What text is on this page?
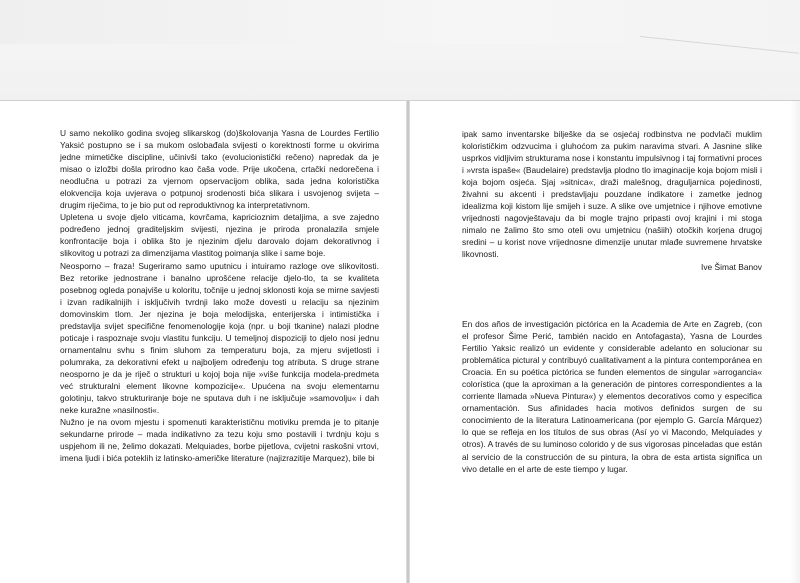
U samo nekoliko godina svojeg slikarskog (do)školovanja Yasna de Lourdes Fertilio Yaksić postupno se i sa mukom oslobađala svijesti o korektnosti forme u okvirima jedne mimetičke discipline, učinivši tako (evolucionistički rečeno) napredak da je misao o izložbi došla prirodno kao čaša vode. Prije ukočena, crtački nedorečena i neodlučna u potrazi za vjernom opservacijom oblika, sada jedna koloristička elokvencija koja uvjerava o potpunoj srodenosti bića slikara i usvojenog svijeta – drugim riječima, to je bio put od reproduktivnog ka interpretativnom.

Upletena u svoje djelo viticama, kovrčama, kapricioznim detaljima, a sve zajedno podređeno jednoj graditeljskim svijesti, njezina je priroda pronalazila smjele konfrontacije boja i oblika što je njezinim djelu darovalo dojam dekorativnog i slikovitog u potrazi za dimenzijama vlastitog poimanja slike i same boje.

Neosporno – fraza! Sugeriramo samo uputnicu i intuiramo razloge ove slikovitosti. Bez retorike jednostrane i banalno uprošćene relacije djelo-tlo, ta se kvaliteta posebnog ogleda ponajviše u koloritu, točnije u jednoj sklonosti koja se mirne savjesti i izvan radikalnijih i isključivih tvrdnji lako može dovesti u relaciju sa njezinim domovinskim tlom. Jer njezina je boja melodijska, enterijerska i intimistička i predstavlja svijet specifične fenomenologije koja (npr. u boji tkanine) nalazi plodne poticaje i raspoznaje svoju vlastitu funkciju. U temeljnoj dispoziciji to djelo nosi jednu ornamentalnu svhu s finim sluhom za temperaturu boja, za mjeru svijetlosti i polumraka, za dekorativni efekt u najboljem određenju tog atributa. S druge strane neosporno je da je riječ o strukturi u kojoj boja nije »više funkcija modela-predmeta već strukturalni element likovne kompozicije«. Upućena na svoju elementarnu golotinju, takvo strukturiranje boje ne sputava duh i ne isključuje »samovolju« i dah neke kuražne »nasilnosti«.

Nužno je na ovom mjestu i spomenuti karakterističnu motiviku premda je to pitanje sekundarne prirode – mada indikativno za tezu koju smo postavili i tvrdnju koju s uspjehom ili ne, želimo dokazati. Melquiades, borbe pijetlova, cvijetni raskošni vrtovi, imena ljudi i bića poteklih iz latinsko-američke literature (najizrazitije Marquez), bile bi

ipak samo inventarske bilješke da se osjećaj rodbinstva ne podvlači muklim kolorističkim odzvucima i gluhoćom za pukim naravima stvari. A Jasnine slike usprkos vidljivim strukturama nose i konstantu impulsivnog i taj formativni proces i »vrsta ispaše« (Baudelaire) predstavlja plodno tlo imaginacije koja bojom misli i koja bojom osjeća. Sjaj »sitnica«, draži malešnog, draguljarnica pojedinosti, živahni su akcenti i predstavljaju pouzdane indikatore i zametke jednog idealizma koji kistom lije smijeh i suze. A slike ove umjetnice i njihove emotivne vrijednosti nagovještavaju da bi mogle trajno pripasti ovoj krajini i mi stoga nimalo ne žalimo što smo oteli ovu umjetnicu (našiih) otočkih korjena drugoj sredini – u korist nove vrijednosne dimenzije unutar mlađe suvremene hrvatske likovnosti.

Ive Šimat Banov

En dos años de investigación pictórica en la Academia de Arte en Zagreb, (con el profesor Šime Perić, también nacido en Antofagasta), Yasna de Lourdes Fertilio Yaksic realizó un evidente y considerable adelanto en solucionar su problemática pictural y contribuyó cualitativament a la pintura contemporánea en Croacia. En su poética pictórica se funden elementos de singular »arrogancia« colorística (que la aproximan a la generación de pintores correspondientes a la corriente llamada »Nueva Pintura«) y elementos decorativos como y especifica ornamentación. Sus afinidades hacia motivos definidos surgen de su conocimiento de la literatura Latinoamericana (por ejemplo G. García Márquez) lo que se refleja en los títulos de sus obras (Así yo vi Macondo, Melquíades y otros). A través de su luminoso colorido y de sus vigorosas pinceladas que están al servicio de la construcción de su pintura, la obra de esta artista significa un vivo detalle en el arte de este tiempo y lugar.
